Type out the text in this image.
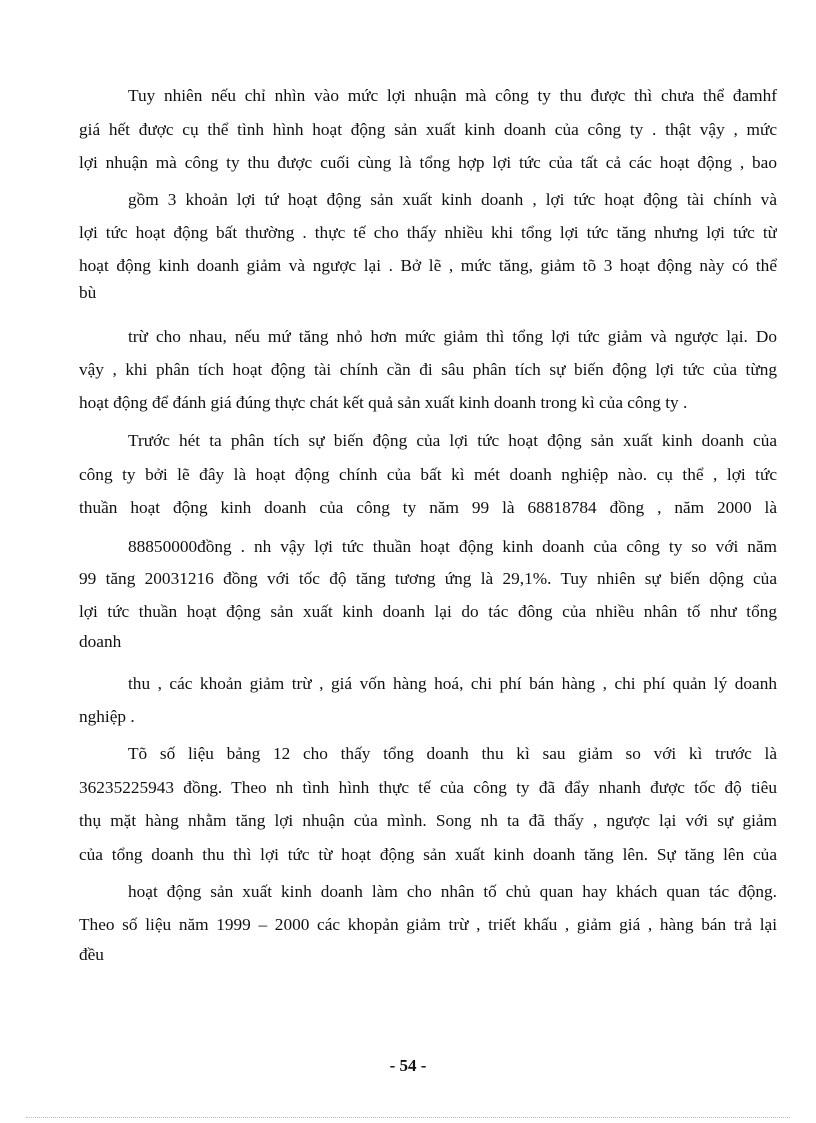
Tuy nhiên nếu chỉ nhìn vào mức lợi nhuận mà công ty thu được thì chưa thể đamhf
giá hết được cụ thể tình hình hoạt động sản xuất kinh doanh của công ty . thật vậy , mức
lợi nhuận mà công ty thu được cuối cùng là tổng hợp lợi tức của tất cả các hoạt động , bao
gồm 3 khoản lợi tứ hoạt động sản xuất kinh doanh , lợi tức hoạt động tài chính và
lợi tức hoạt động bất thường . thực tế cho thấy nhiều khi tổng lợi tức tăng nhưng lợi tức từ
hoạt động kinh doanh giảm và ngược lại . Bở lẽ , mức tăng, giảm tõ 3 hoạt động này có thể
bù
trừ cho nhau, nếu mứ tăng nhỏ hơn mức giảm thì tổng lợi tức giảm và ngược lại. Do
vậy , khi phân tích hoạt động tài chính cần đi sâu phân tích sự biến động lợi tức của từng
hoạt động để đánh giá đúng thực chát kết quả sản xuất kinh doanh trong kì của công ty .
Trước hét ta phân tích sự biến động của lợi tức hoạt động sản xuất kinh doanh của
công ty bởi lẽ đây là hoạt động chính của bất kì mét doanh nghiệp nào. cụ thể , lợi tức
thuần hoạt động kinh doanh của công ty năm 99 là 68818784 đồng , năm 2000 là
88850000đồng . nh vậy lợi tức thuần hoạt động kinh doanh của công ty so với năm
99 tăng 20031216 đồng với tốc độ tăng tương ứng là 29,1%. Tuy nhiên sự biến dộng của
lợi tức thuần hoạt động sản xuất kinh doanh lại do tác đông của nhiều nhân tố như tổng
doanh
thu , các khoản giảm trừ , giá vốn hàng hoá, chi phí bán hàng , chi phí quản lý doanh
nghiệp .
Tõ số liệu bảng 12 cho thấy tổng doanh thu kì sau giảm so với kì trước là
36235225943 đồng. Theo nh tình hình thực tế của công ty đã đẩy nhanh được tốc độ tiêu
thụ mặt hàng nhằm tăng lợi nhuận của mình. Song nh ta đã thấy , ngược lại với sự giảm
của tổng doanh thu thì lợi tức từ hoạt động sản xuất kinh doanh tăng lên. Sự tăng lên của
hoạt động sản xuất kinh doanh làm cho nhân tố chủ quan hay khách quan tác động.
Theo số liệu năm 1999 – 2000 các khopản giảm trừ , triết khấu , giảm giá , hàng bán trả lại
đều
- 54 -
